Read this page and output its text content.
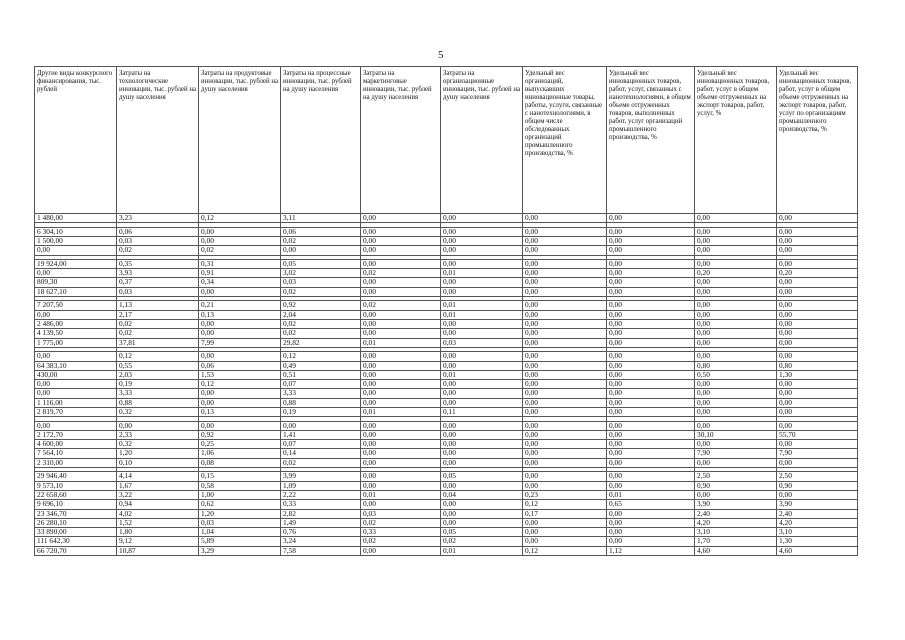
5
Другие виды конкурсного финансирования, тыс. рублей	Затраты на технологические инновации, тыс. рублей на душу населения	Затраты на продуктовые инновации, тыс. рублей на душу населения	Затраты на процессные инновации, тыс. рублей на душу населения	Затраты на маркетинговые инновации, тыс. рублей на душу населения	Затраты на организационные инновации, тыс. рублей на душу населения	Удельный вес организаций, выпускавших инновационные товары, работы, услуги, связанные с нанотехнологиями, в общем числе обследованных организаций промышленного производства, %	Удельный вес инновационных товаров, работ, услуг, связанных с нанотехнологиями, в общем объеме отгруженных товаров, выполненных работ, услуг организаций промышленного производства, %	Удельный вес инновационных товаров, работ, услуг в общем объеме отгруженных на экспорт товаров, работ, услуг, %	Удельный вес инновационных товаров, работ, услуг в общем объеме отгруженных на экспорт товаров, работ, услуг по организациям промышленного производства, %
1 480,00	3,23	0,12	3,11	0,00	0,00	0,00	0,00	0,00	0,00

6 304,10	0,06	0,00	0,06	0,00	0,00	0,00	0,00	0,00	0,00
1 500,00	0,03	0,00	0,02	0,00	0,00	0,00	0,00	0,00	0,00
0,00	0,02	0,02	0,00	0,00	0,00	0,00	0,00	0,00	0,00

19 924,00	0,35	0,31	0,05	0,00	0,00	0,00	0,00	0,00	0,00
0,00	3,93	0,91	3,02	0,02	0,01	0,00	0,00	0,20	0,20
809,30	0,37	0,34	0,03	0,00	0,00	0,00	0,00	0,00	0,00
18 627,10	0,03	0,00	0,02	0,00	0,00	0,00	0,00	0,00	0,00

7 207,50	1,13	0,21	0,92	0,02	0,01	0,00	0,00	0,00	0,00
0,00	2,17	0,13	2,04	0,00	0,01	0,00	0,00	0,00	0,00
2 486,00	0,02	0,00	0,02	0,00	0,00	0,00	0,00	0,00	0,00
4 139,50	0,02	0,00	0,02	0,00	0,00	0,00	0,00	0,00	0,00
1 775,00	37,81	7,99	29,82	0,01	0,03	0,00	0,00	0,00	0,00

0,00	0,12	0,00	0,12	0,00	0,00	0,00	0,00	0,00	0,00
64 383,10	0,55	0,06	0,49	0,00	0,00	0,00	0,00	0,80	0,80
430,00	2,03	1,53	0,51	0,00	0,01	0,00	0,00	0,50	1,30
0,00	0,19	0,12	0,07	0,00	0,00	0,00	0,00	0,00	0,00
0,00	3,33	0,00	3,33	0,00	0,00	0,00	0,00	0,00	0,00
1 116,00	0,88	0,00	0,88	0,00	0,00	0,00	0,00	0,00	0,00
2 819,70	0,32	0,13	0,19	0,01	0,11	0,00	0,00	0,00	0,00

0,00	0,00	0,00	0,00	0,00	0,00	0,00	0,00	0,00	0,00
2 172,70	2,33	0,92	1,41	0,00	0,00	0,00	0,00	30,10	55,70
4 600,00	0,32	0,25	0,07	0,00	0,00	0,00	0,00	0,00	0,00
7 564,10	1,20	1,06	0,14	0,00	0,00	0,00	0,00	7,90	7,90
2 310,00	0,10	0,08	0,02	0,00	0,00	0,00	0,00	0,00	0,00

29 946,40	4,14	0,15	3,99	0,00	0,05	0,00	0,00	2,50	2,50
9 573,10	1,67	0,58	1,09	0,00	0,00	0,00	0,00	0,90	0,90
22 658,60	3,22	1,00	2,22	0,01	0,04	0,23	0,01	0,00	0,00
9 696,10	0,94	0,62	0,33	0,00	0,00	0,12	0,65	3,90	3,90
23 346,70	4,02	1,20	2,82	0,03	0,00	0,17	0,00	2,40	2,40
26 280,10	1,52	0,03	1,49	0,02	0,00	0,00	0,00	4,20	4,20
33 890,00	1,80	1,04	0,76	0,33	0,05	0,00	0,00	3,10	3,10
111 642,30	9,12	5,89	3,24	0,02	0,02	0,00	0,00	1,70	1,30
66 720,70	10,87	3,29	7,58	0,00	0,01	0,12	1,12	4,60	4,60
